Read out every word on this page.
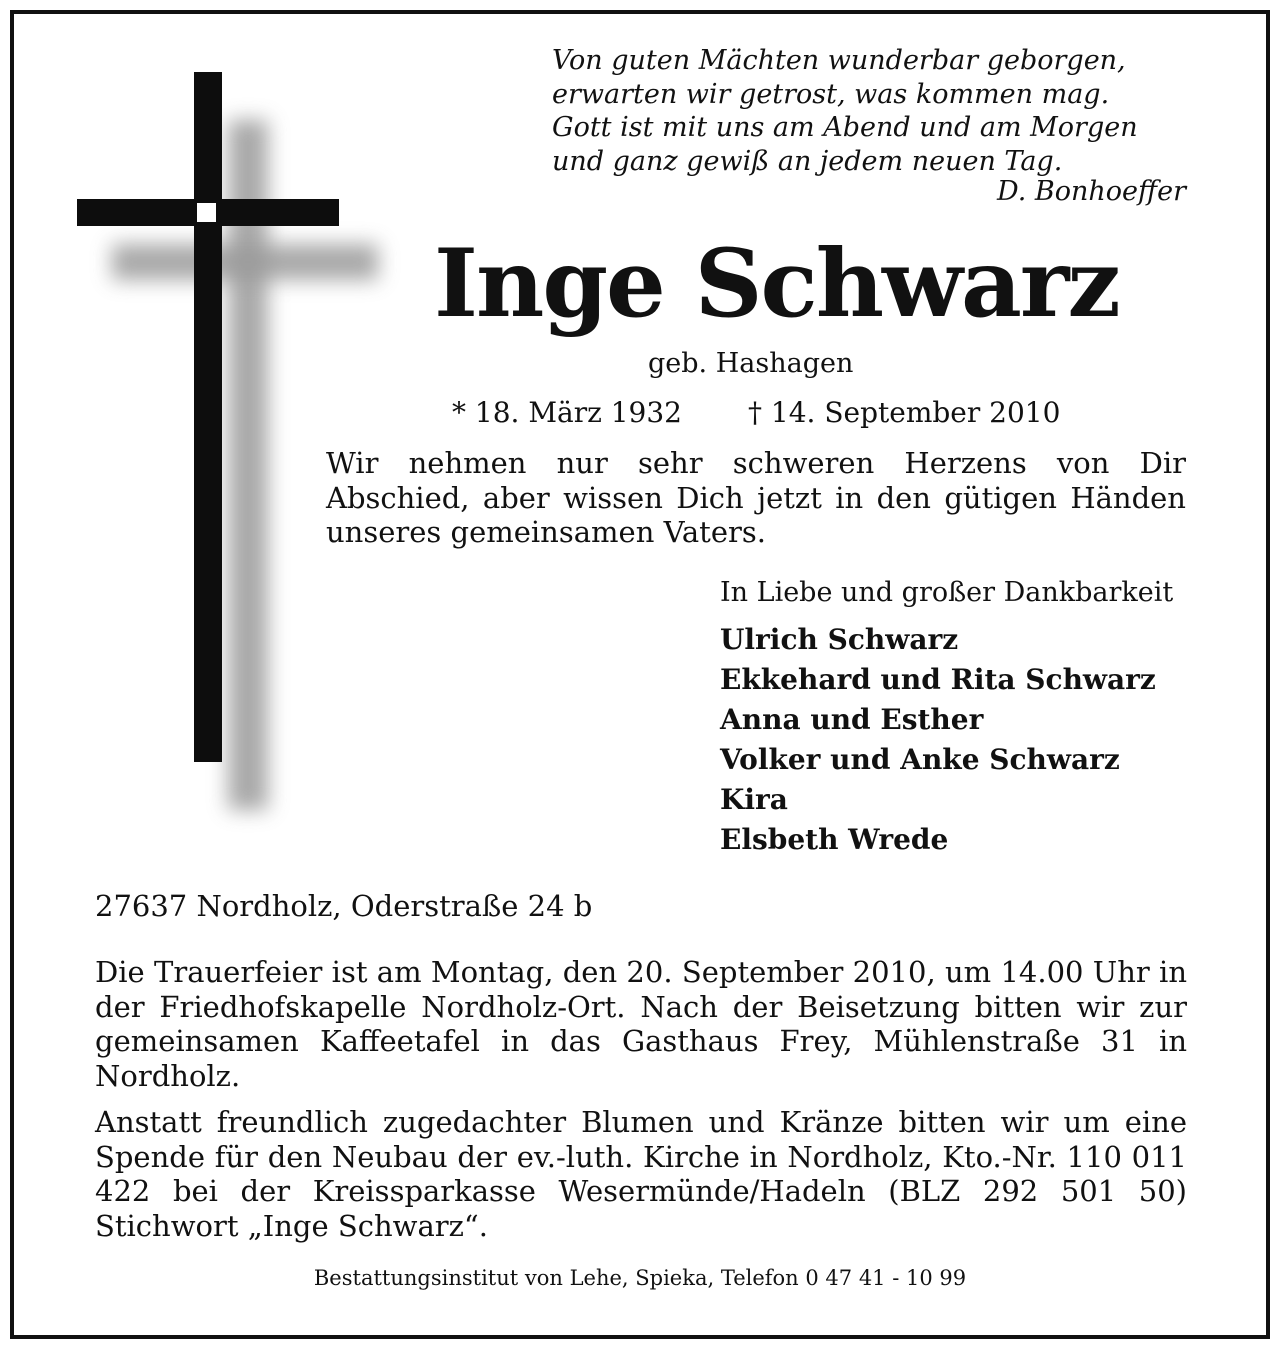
Von guten Mächten wunderbar geborgen,
erwarten wir getrost, was kommen mag.
Gott ist mit uns am Abend und am Morgen
und ganz gewiß an jedem neuen Tag.
D. Bonhoeffer
Inge Schwarz
geb. Hashagen
* 18. März 1932 † 14. September 2010
Wir nehmen nur sehr schweren Herzens von Dir Abschied, aber wissen Dich jetzt in den gütigen Händen unseres gemeinsamen Vaters.
In Liebe und großer Dankbarkeit
Ulrich Schwarz
Ekkehard und Rita Schwarz
Anna und Esther
Volker und Anke Schwarz
Kira
Elsbeth Wrede
27637 Nordholz, Oderstraße 24 b

Die Trauerfeier ist am Montag, den 20. September 2010, um 14.00 Uhr in der Friedhofskapelle Nordholz-Ort. Nach der Beisetzung bitten wir zur gemeinsamen Kaffeetafel in das Gasthaus Frey, Mühlenstraße 31 in Nordholz.

Anstatt freundlich zugedachter Blumen und Kränze bitten wir um eine Spende für den Neubau der ev.-luth. Kirche in Nordholz, Kto.-Nr. 110 011 422 bei der Kreissparkasse Wesermünde/Hadeln (BLZ 292 501 50) Stichwort „Inge Schwarz“.

Bestattungsinstitut von Lehe, Spieka, Telefon 0 47 41 - 10 99
